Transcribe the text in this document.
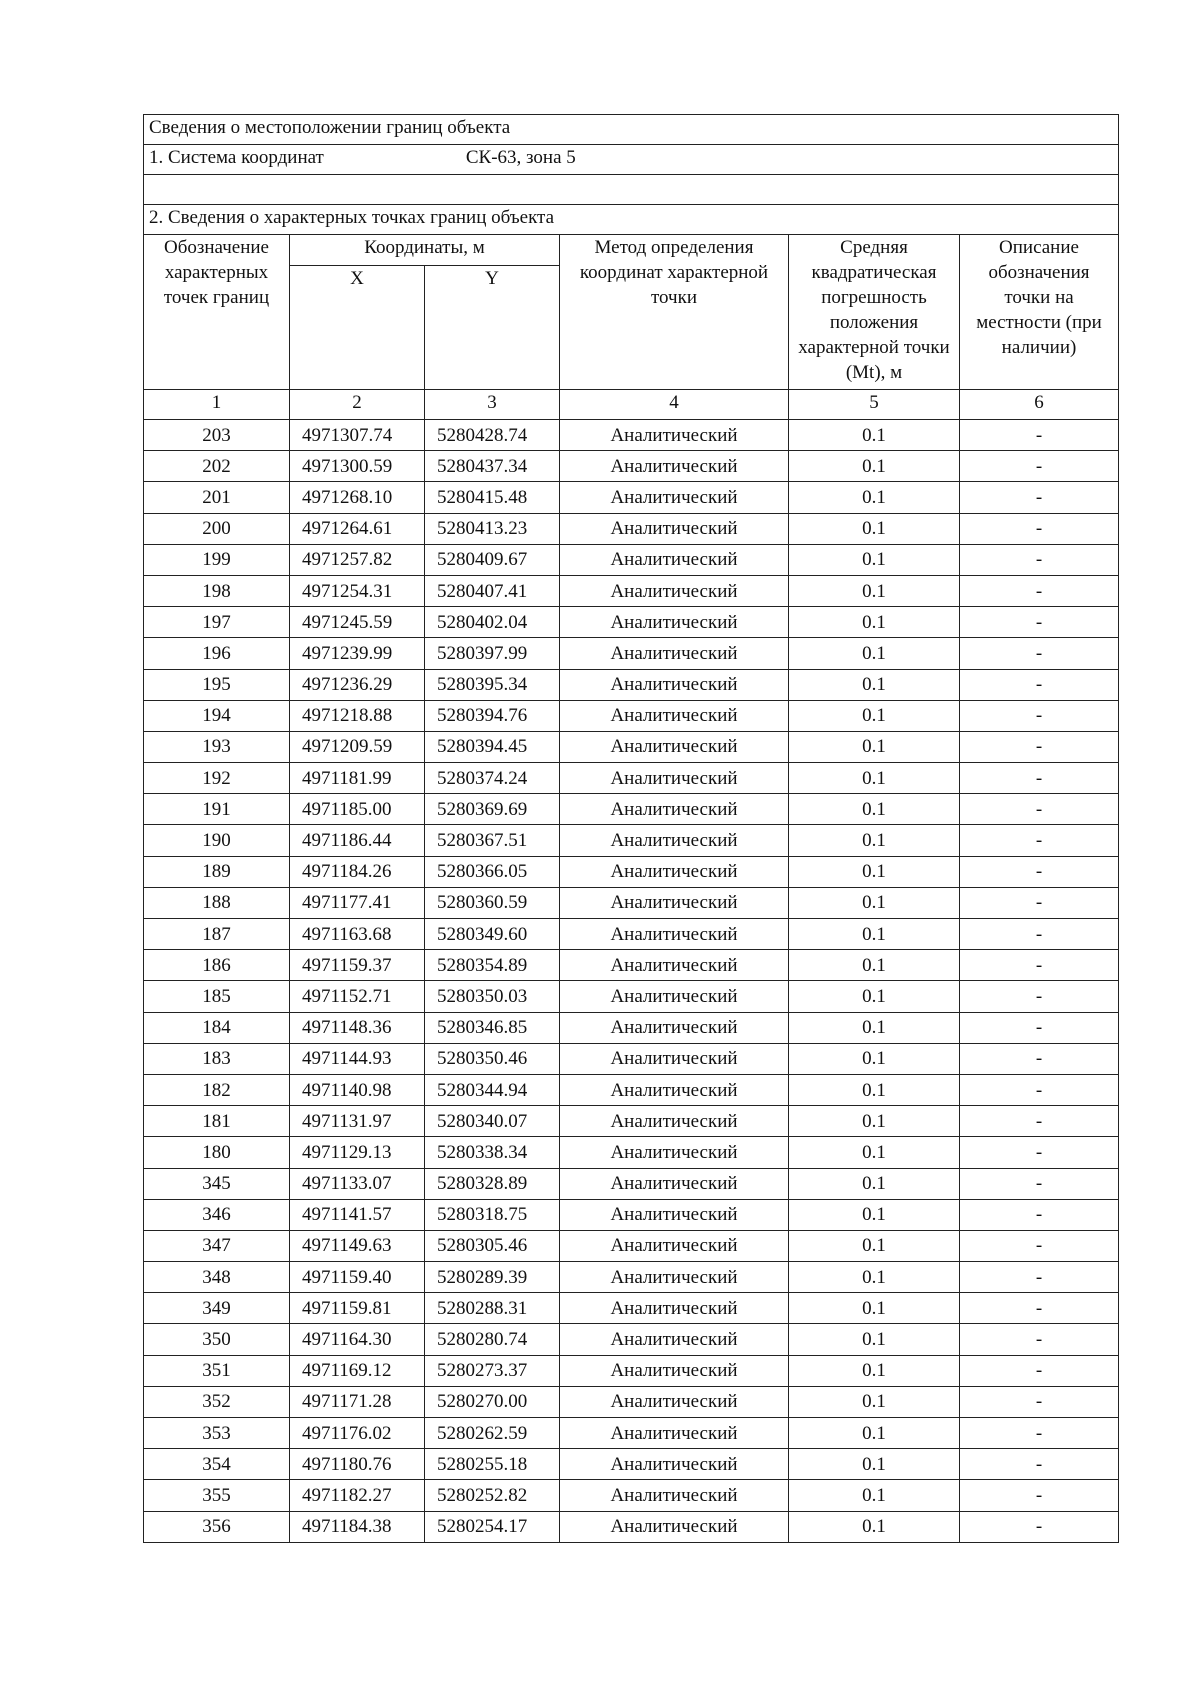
Сведения о местоположении границ объекта					
1. Система координат СК-63, зона 5					

2. Сведения о характерных точках границ объекта					
Обозначение характерных точек границ	Координаты, м		Метод определения координат характерной точки	Средняя квадратическая погрешность положения характерной точки (Мt), м	Описание обозначения точки на местности (при наличии)
	X	Y			
1	2	3	4	5	6
203	4971307.74	5280428.74	Аналитический	0.1	-
202	4971300.59	5280437.34	Аналитический	0.1	-
201	4971268.10	5280415.48	Аналитический	0.1	-
200	4971264.61	5280413.23	Аналитический	0.1	-
199	4971257.82	5280409.67	Аналитический	0.1	-
198	4971254.31	5280407.41	Аналитический	0.1	-
197	4971245.59	5280402.04	Аналитический	0.1	-
196	4971239.99	5280397.99	Аналитический	0.1	-
195	4971236.29	5280395.34	Аналитический	0.1	-
194	4971218.88	5280394.76	Аналитический	0.1	-
193	4971209.59	5280394.45	Аналитический	0.1	-
192	4971181.99	5280374.24	Аналитический	0.1	-
191	4971185.00	5280369.69	Аналитический	0.1	-
190	4971186.44	5280367.51	Аналитический	0.1	-
189	4971184.26	5280366.05	Аналитический	0.1	-
188	4971177.41	5280360.59	Аналитический	0.1	-
187	4971163.68	5280349.60	Аналитический	0.1	-
186	4971159.37	5280354.89	Аналитический	0.1	-
185	4971152.71	5280350.03	Аналитический	0.1	-
184	4971148.36	5280346.85	Аналитический	0.1	-
183	4971144.93	5280350.46	Аналитический	0.1	-
182	4971140.98	5280344.94	Аналитический	0.1	-
181	4971131.97	5280340.07	Аналитический	0.1	-
180	4971129.13	5280338.34	Аналитический	0.1	-
345	4971133.07	5280328.89	Аналитический	0.1	-
346	4971141.57	5280318.75	Аналитический	0.1	-
347	4971149.63	5280305.46	Аналитический	0.1	-
348	4971159.40	5280289.39	Аналитический	0.1	-
349	4971159.81	5280288.31	Аналитический	0.1	-
350	4971164.30	5280280.74	Аналитический	0.1	-
351	4971169.12	5280273.37	Аналитический	0.1	-
352	4971171.28	5280270.00	Аналитический	0.1	-
353	4971176.02	5280262.59	Аналитический	0.1	-
354	4971180.76	5280255.18	Аналитический	0.1	-
355	4971182.27	5280252.82	Аналитический	0.1	-
356	4971184.38	5280254.17	Аналитический	0.1	-
